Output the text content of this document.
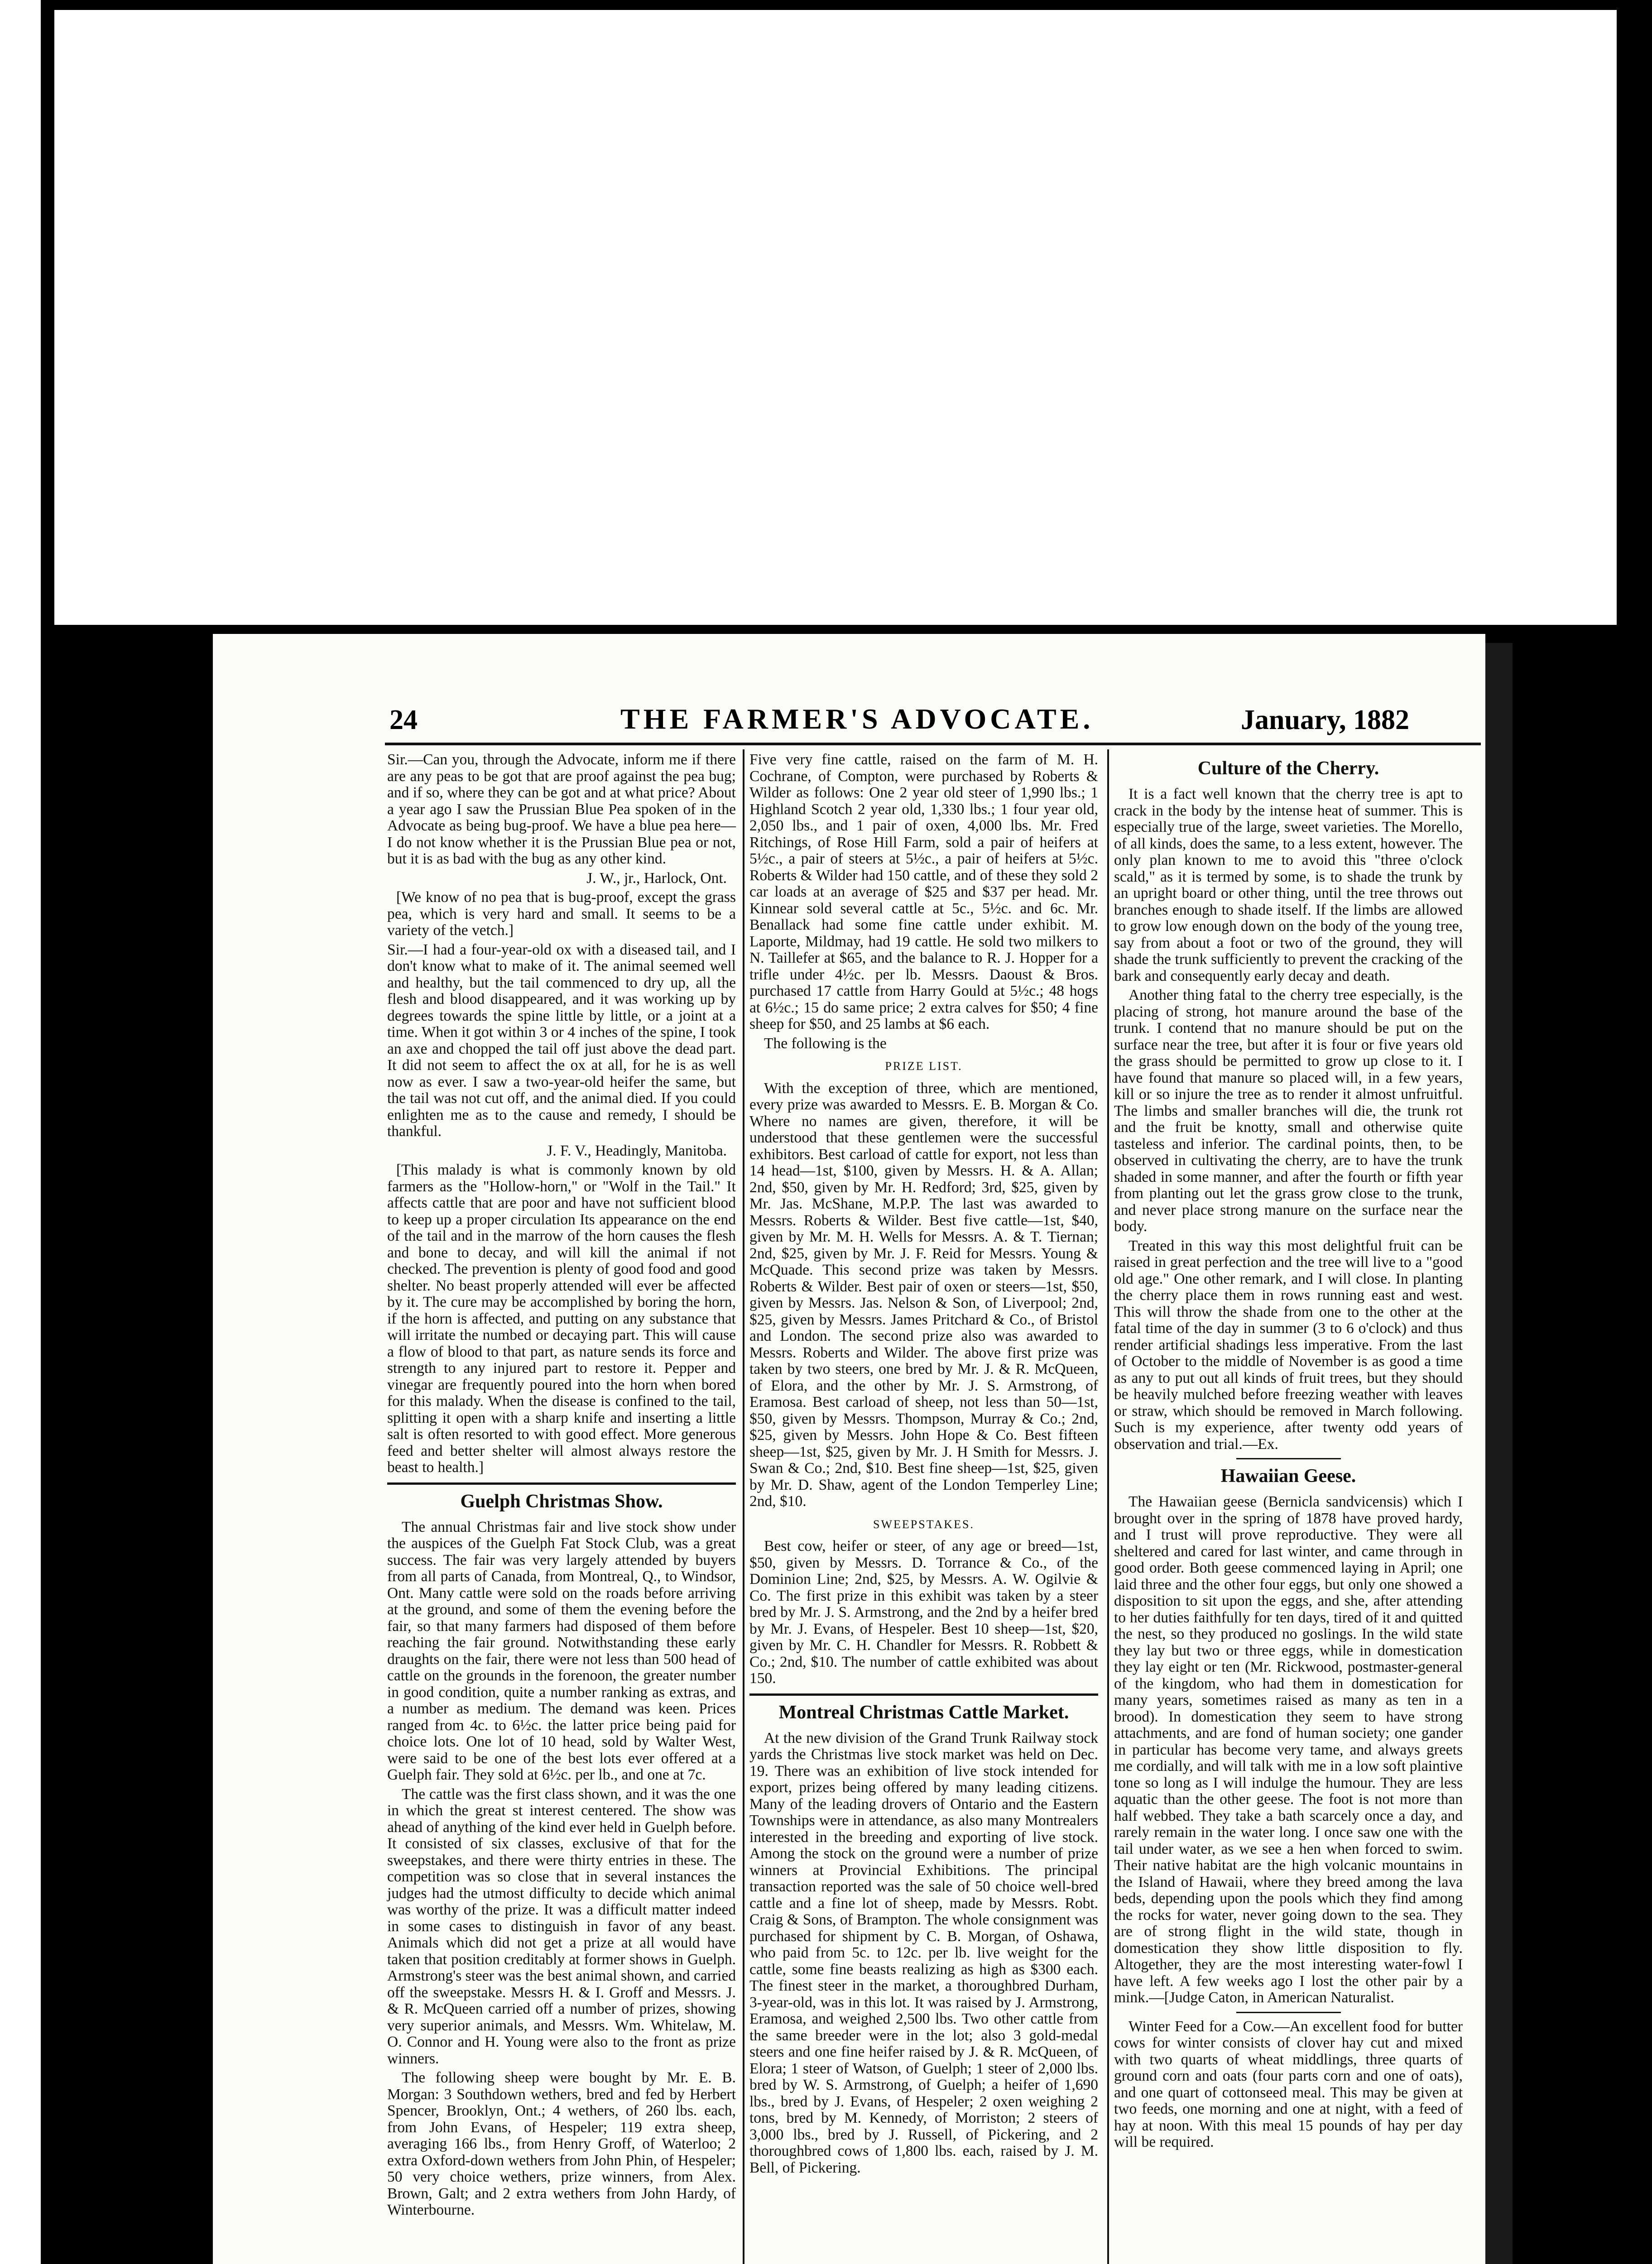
24	THE FARMER'S ADVOCATE.	January, 1882

Sir.—Can you, through the Advocate, inform me if there are any peas to be got that are proof against the pea bug; and if so, where they can be got and at what price? About a year ago I saw the Prussian Blue Pea spoken of in the Advocate as being bug-proof. We have a blue pea here—I do not know whether it is the Prussian Blue pea or not, but it is as bad with the bug as any other kind.

J. W., jr., Harlock, Ont.

[We know of no pea that is bug-proof, except the grass pea, which is very hard and small. It seems to be a variety of the vetch.]

Sir.—I had a four-year-old ox with a diseased tail, and I don't know what to make of it. The animal seemed well and healthy, but the tail commenced to dry up, all the flesh and blood disappeared, and it was working up by degrees towards the spine little by little, or a joint at a time. When it got within 3 or 4 inches of the spine, I took an axe and chopped the tail off just above the dead part. It did not seem to affect the ox at all, for he is as well now as ever. I saw a two-year-old heifer the same, but the tail was not cut off, and the animal died. If you could enlighten me as to the cause and remedy, I should be thankful.

J. F. V., Headingly, Manitoba.

[This malady is what is commonly known by old farmers as the "Hollow-horn," or "Wolf in the Tail." It affects cattle that are poor and have not sufficient blood to keep up a proper circulation Its appearance on the end of the tail and in the marrow of the horn causes the flesh and bone to decay, and will kill the animal if not checked. The prevention is plenty of good food and good shelter. No beast properly attended will ever be affected by it. The cure may be accomplished by boring the horn, if the horn is affected, and putting on any substance that will irritate the numbed or decaying part. This will cause a flow of blood to that part, as nature sends its force and strength to any injured part to restore it. Pepper and vinegar are frequently poured into the horn when bored for this malady. When the disease is confined to the tail, splitting it open with a sharp knife and inserting a little salt is often resorted to with good effect. More generous feed and better shelter will almost always restore the beast to health.]

Guelph Christmas Show.

The annual Christmas fair and live stock show under the auspices of the Guelph Fat Stock Club, was a great success. The fair was very largely attended by buyers from all parts of Canada, from Montreal, Q., to Windsor, Ont. Many cattle were sold on the roads before arriving at the ground, and some of them the evening before the fair, so that many farmers had disposed of them before reaching the fair ground. Notwithstanding these early draughts on the fair, there were not less than 500 head of cattle on the grounds in the forenoon, the greater number in good condition, quite a number ranking as extras, and a number as medium. The demand was keen. Prices ranged from 4c. to 6½c. the latter price being paid for choice lots. One lot of 10 head, sold by Walter West, were said to be one of the best lots ever offered at a Guelph fair. They sold at 6½c. per lb., and one at 7c.

The cattle was the first class shown, and it was the one in which the great st interest centered. The show was ahead of anything of the kind ever held in Guelph before. It consisted of six classes, exclusive of that for the sweepstakes, and there were thirty entries in these. The competition was so close that in several instances the judges had the utmost difficulty to decide which animal was worthy of the prize. It was a difficult matter indeed in some cases to distinguish in favor of any beast. Animals which did not get a prize at all would have taken that position creditably at former shows in Guelph. Armstrong's steer was the best animal shown, and carried off the sweepstake. Messrs H. & I. Groff and Messrs. J. & R. McQueen carried off a number of prizes, showing very superior animals, and Messrs. Wm. Whitelaw, M. O. Connor and H. Young were also to the front as prize winners.

The following sheep were bought by Mr. E. B. Morgan: 3 Southdown wethers, bred and fed by Herbert Spencer, Brooklyn, Ont.; 4 wethers, of 260 lbs. each, from John Evans, of Hespeler; 119 extra sheep, averaging 166 lbs., from Henry Groff, of Waterloo; 2 extra Oxford-down wethers from John Phin, of Hespeler; 50 very choice wethers, prize winners, from Alex. Brown, Galt; and 2 extra wethers from John Hardy, of Winterbourne.

Five very fine cattle, raised on the farm of M. H. Cochrane, of Compton, were purchased by Roberts & Wilder as follows: One 2 year old steer of 1,990 lbs.; 1 Highland Scotch 2 year old, 1,330 lbs.; 1 four year old, 2,050 lbs., and 1 pair of oxen, 4,000 lbs. Mr. Fred Ritchings, of Rose Hill Farm, sold a pair of heifers at 5½c., a pair of steers at 5½c., a pair of heifers at 5½c. Roberts & Wilder had 150 cattle, and of these they sold 2 car loads at an average of $25 and $37 per head. Mr. Kinnear sold several cattle at 5c., 5½c. and 6c. Mr. Benallack had some fine cattle under exhibit. M. Laporte, Mildmay, had 19 cattle. He sold two milkers to N. Taillefer at $65, and the balance to R. J. Hopper for a trifle under 4½c. per lb. Messrs. Daoust & Bros. purchased 17 cattle from Harry Gould at 5½c.; 48 hogs at 6½c.; 15 do same price; 2 extra calves for $50; 4 fine sheep for $50, and 25 lambs at $6 each.

The following is the

PRIZE LIST.

With the exception of three, which are mentioned, every prize was awarded to Messrs. E. B. Morgan & Co. Where no names are given, therefore, it will be understood that these gentlemen were the successful exhibitors. Best carload of cattle for export, not less than 14 head—1st, $100, given by Messrs. H. & A. Allan; 2nd, $50, given by Mr. H. Redford; 3rd, $25, given by Mr. Jas. McShane, M.P.P. The last was awarded to Messrs. Roberts & Wilder. Best five cattle—1st, $40, given by Mr. M. H. Wells for Messrs. A. & T. Tiernan; 2nd, $25, given by Mr. J. F. Reid for Messrs. Young & McQuade. This second prize was taken by Messrs. Roberts & Wilder. Best pair of oxen or steers—1st, $50, given by Messrs. Jas. Nelson & Son, of Liverpool; 2nd, $25, given by Messrs. James Pritchard & Co., of Bristol and London. The second prize also was awarded to Messrs. Roberts and Wilder. The above first prize was taken by two steers, one bred by Mr. J. & R. McQueen, of Elora, and the other by Mr. J. S. Armstrong, of Eramosa. Best carload of sheep, not less than 50—1st, $50, given by Messrs. Thompson, Murray & Co.; 2nd, $25, given by Messrs. John Hope & Co. Best fifteen sheep—1st, $25, given by Mr. J. H Smith for Messrs. J. Swan & Co.; 2nd, $10. Best fine sheep—1st, $25, given by Mr. D. Shaw, agent of the London Temperley Line; 2nd, $10.

SWEEPSTAKES.

Best cow, heifer or steer, of any age or breed—1st, $50, given by Messrs. D. Torrance & Co., of the Dominion Line; 2nd, $25, by Messrs. A. W. Ogilvie & Co. The first prize in this exhibit was taken by a steer bred by Mr. J. S. Armstrong, and the 2nd by a heifer bred by Mr. J. Evans, of Hespeler. Best 10 sheep—1st, $20, given by Mr. C. H. Chandler for Messrs. R. Robbett & Co.; 2nd, $10. The number of cattle exhibited was about 150.

Montreal Christmas Cattle Market.

At the new division of the Grand Trunk Railway stock yards the Christmas live stock market was held on Dec. 19. There was an exhibition of live stock intended for export, prizes being offered by many leading citizens. Many of the leading drovers of Ontario and the Eastern Townships were in attendance, as also many Montrealers interested in the breeding and exporting of live stock. Among the stock on the ground were a number of prize winners at Provincial Exhibitions. The principal transaction reported was the sale of 50 choice well-bred cattle and a fine lot of sheep, made by Messrs. Robt. Craig & Sons, of Brampton. The whole consignment was purchased for shipment by C. B. Morgan, of Oshawa, who paid from 5c. to 12c. per lb. live weight for the cattle, some fine beasts realizing as high as $300 each. The finest steer in the market, a thoroughbred Durham, 3-year-old, was in this lot. It was raised by J. Armstrong, Eramosa, and weighed 2,500 lbs. Two other cattle from the same breeder were in the lot; also 3 gold-medal steers and one fine heifer raised by J. & R. McQueen, of Elora; 1 steer of Watson, of Guelph; 1 steer of 2,000 lbs. bred by W. S. Armstrong, of Guelph; a heifer of 1,690 lbs., bred by J. Evans, of Hespeler; 2 oxen weighing 2 tons, bred by M. Kennedy, of Morriston; 2 steers of 3,000 lbs., bred by J. Russell, of Pickering, and 2 thoroughbred cows of 1,800 lbs. each, raised by J. M. Bell, of Pickering.

Culture of the Cherry.

It is a fact well known that the cherry tree is apt to crack in the body by the intense heat of summer. This is especially true of the large, sweet varieties. The Morello, of all kinds, does the same, to a less extent, however. The only plan known to me to avoid this "three o'clock scald," as it is termed by some, is to shade the trunk by an upright board or other thing, until the tree throws out branches enough to shade itself. If the limbs are allowed to grow low enough down on the body of the young tree, say from about a foot or two of the ground, they will shade the trunk sufficiently to prevent the cracking of the bark and consequently early decay and death.

Another thing fatal to the cherry tree especially, is the placing of strong, hot manure around the base of the trunk. I contend that no manure should be put on the surface near the tree, but after it is four or five years old the grass should be permitted to grow up close to it. I have found that manure so placed will, in a few years, kill or so injure the tree as to render it almost unfruitful. The limbs and smaller branches will die, the trunk rot and the fruit be knotty, small and otherwise quite tasteless and inferior. The cardinal points, then, to be observed in cultivating the cherry, are to have the trunk shaded in some manner, and after the fourth or fifth year from planting out let the grass grow close to the trunk, and never place strong manure on the surface near the body.

Treated in this way this most delightful fruit can be raised in great perfection and the tree will live to a "good old age." One other remark, and I will close. In planting the cherry place them in rows running east and west. This will throw the shade from one to the other at the fatal time of the day in summer (3 to 6 o'clock) and thus render artificial shadings less imperative. From the last of October to the middle of November is as good a time as any to put out all kinds of fruit trees, but they should be heavily mulched before freezing weather with leaves or straw, which should be removed in March following. Such is my experience, after twenty odd years of observation and trial.—Ex.

Hawaiian Geese.

The Hawaiian geese (Bernicla sandvicensis) which I brought over in the spring of 1878 have proved hardy, and I trust will prove reproductive. They were all sheltered and cared for last winter, and came through in good order. Both geese commenced laying in April; one laid three and the other four eggs, but only one showed a disposition to sit upon the eggs, and she, after attending to her duties faithfully for ten days, tired of it and quitted the nest, so they produced no goslings. In the wild state they lay but two or three eggs, while in domestication they lay eight or ten (Mr. Rickwood, postmaster-general of the kingdom, who had them in domestication for many years, sometimes raised as many as ten in a brood). In domestication they seem to have strong attachments, and are fond of human society; one gander in particular has become very tame, and always greets me cordially, and will talk with me in a low soft plaintive tone so long as I will indulge the humour. They are less aquatic than the other geese. The foot is not more than half webbed. They take a bath scarcely once a day, and rarely remain in the water long. I once saw one with the tail under water, as we see a hen when forced to swim. Their native habitat are the high volcanic mountains in the Island of Hawaii, where they breed among the lava beds, depending upon the pools which they find among the rocks for water, never going down to the sea. They are of strong flight in the wild state, though in domestication they show little disposition to fly. Altogether, they are the most interesting water-fowl I have left. A few weeks ago I lost the other pair by a mink.—[Judge Caton, in American Naturalist.

Winter Feed for a Cow.—An excellent food for butter cows for winter consists of clover hay cut and mixed with two quarts of wheat middlings, three quarts of ground corn and oats (four parts corn and one of oats), and one quart of cottonseed meal. This may be given at two feeds, one morning and one at night, with a feed of hay at noon. With this meal 15 pounds of hay per day will be required.
